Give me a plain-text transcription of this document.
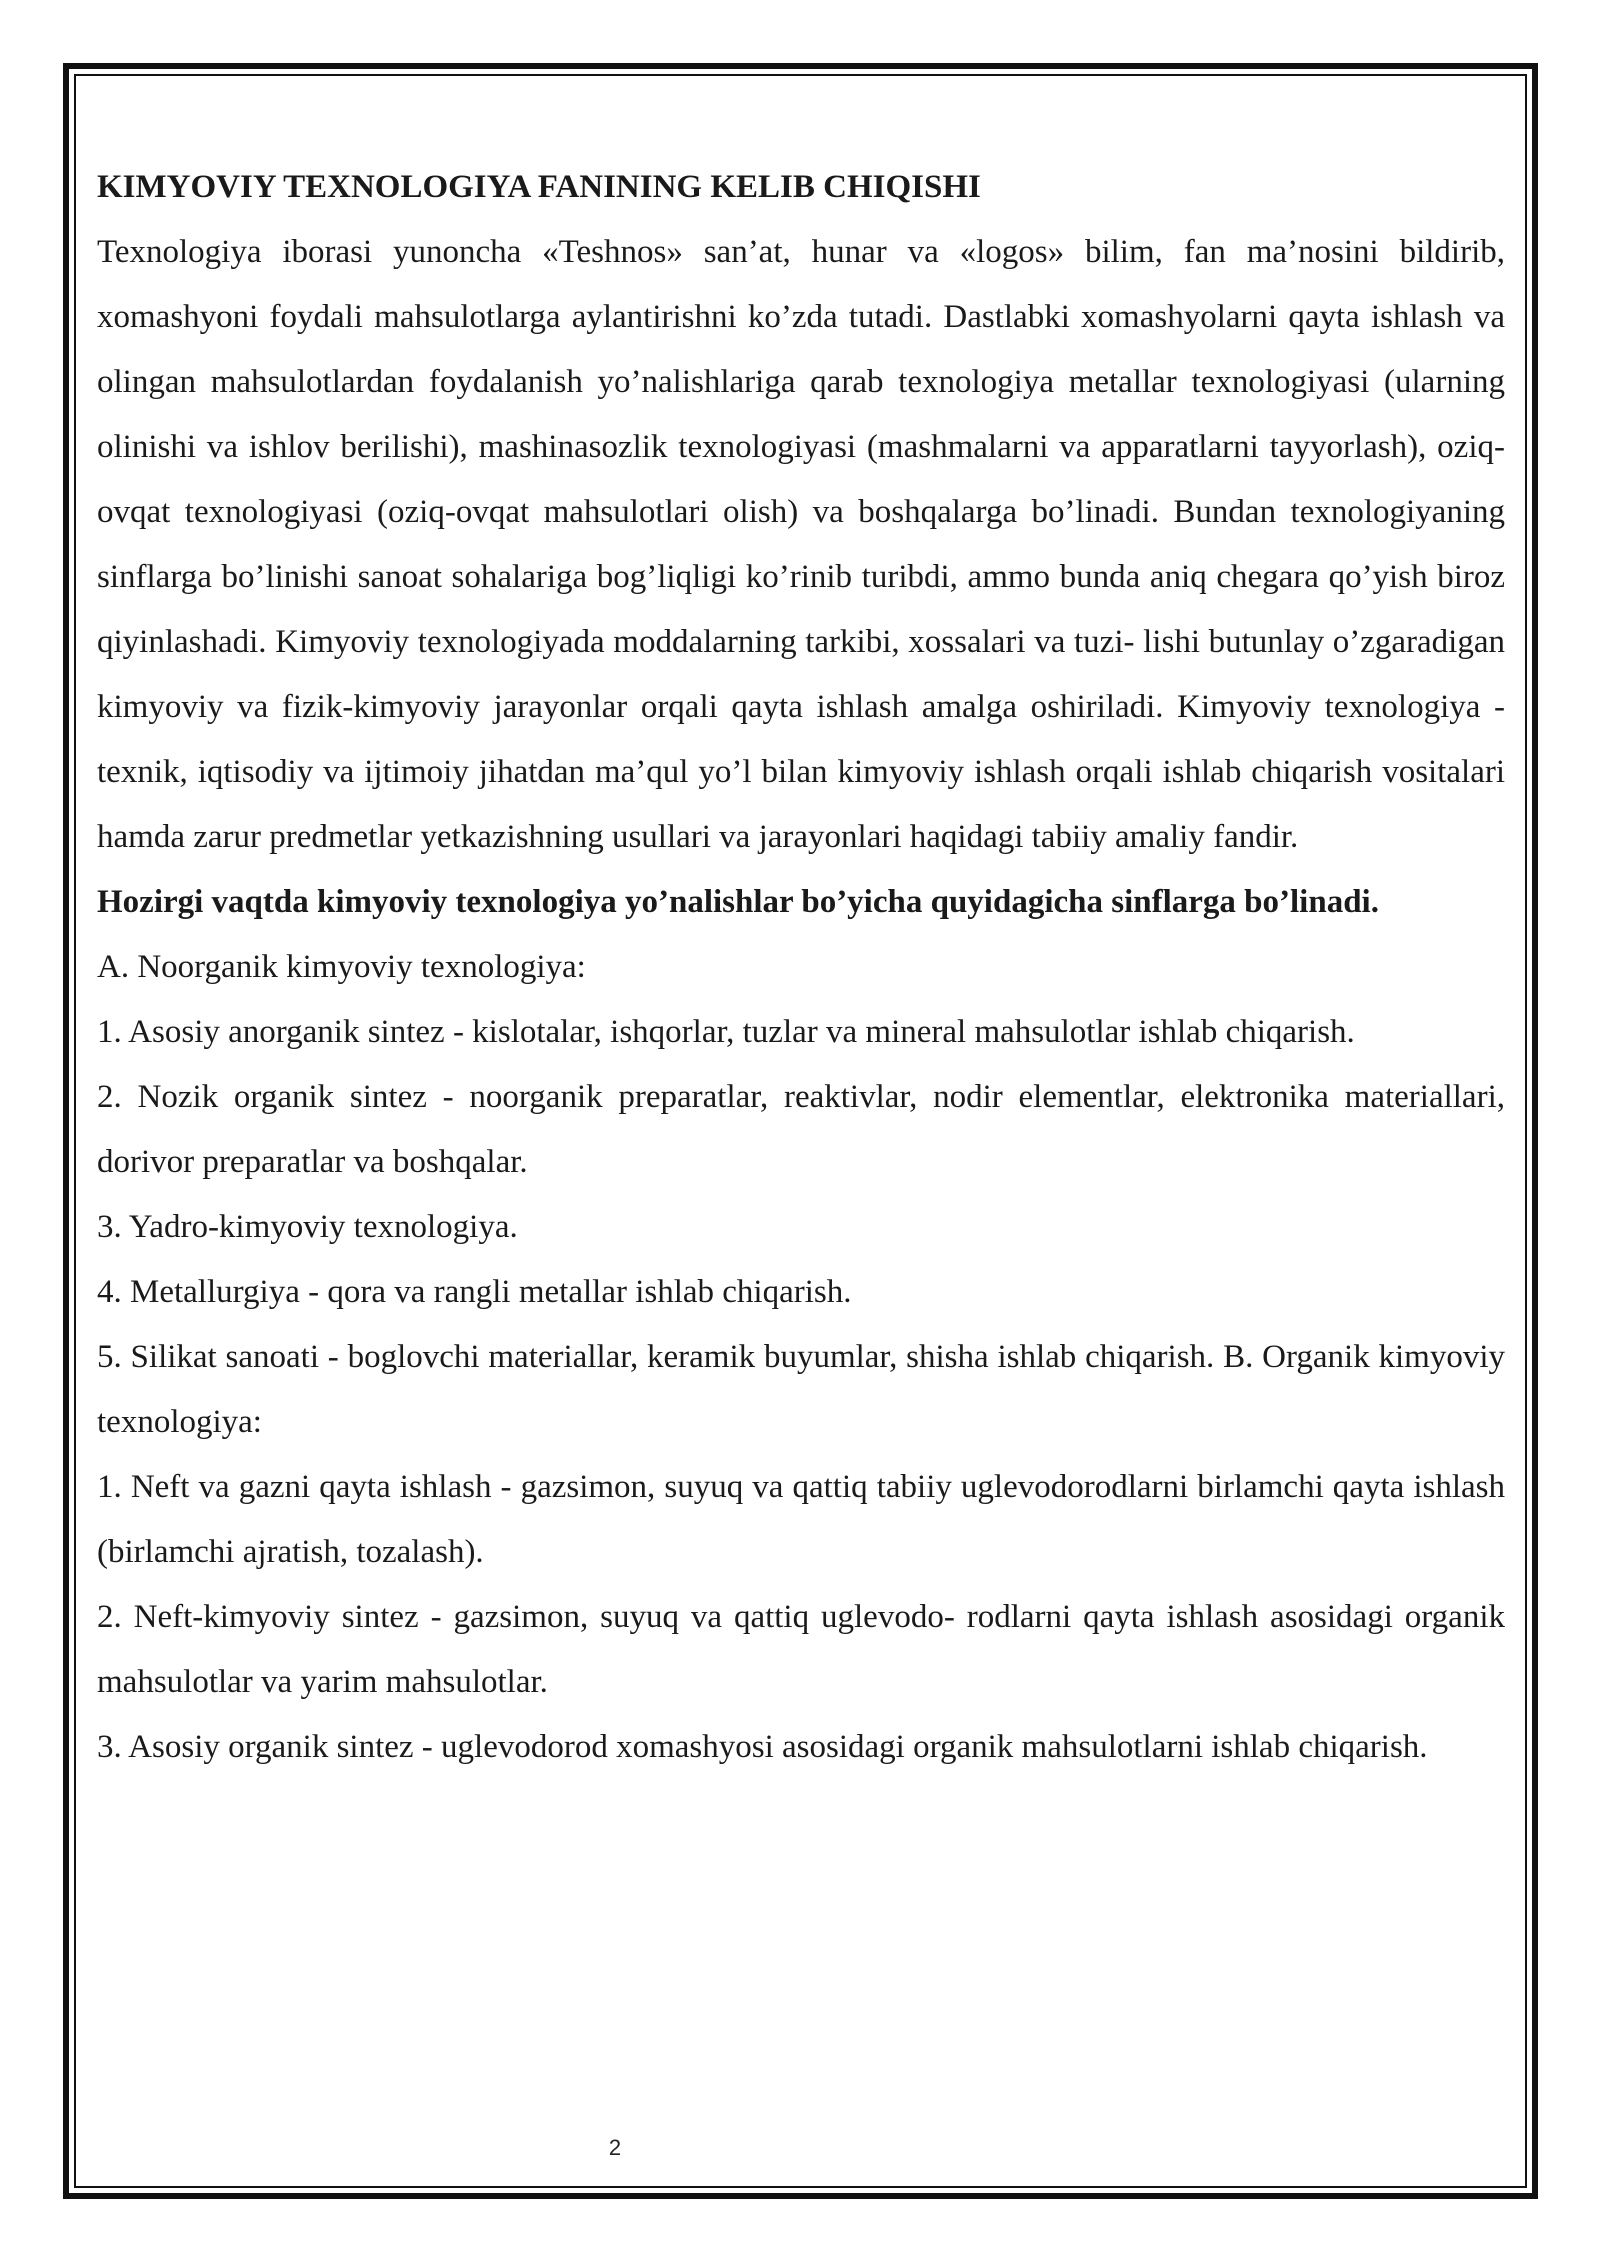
KIMYOVIY TEXNOLOGIYA FANINING KELIB CHIQISHI

Texnologiya iborasi yunoncha «Teshnos» san’at, hunar va «logos» bilim, fan ma’nosini bildirib, xomashyoni foydali mahsulotlarga aylantirishni ko’zda tutadi. Dastlabki xomashyolarni qayta ishlash va olingan mahsulotlardan foydalanish yo’nalishlariga qarab texnologiya metallar texnologiyasi (ularning olinishi va ishlov berilishi), mashinasozlik texnologiyasi (mashmalarni va apparatlarni tayyorlash), oziq-ovqat texnologiyasi (oziq-ovqat mahsulotlari olish) va boshqalarga bo’linadi. Bundan texnologiyaning sinflarga bo’linishi sanoat sohalariga bog’liqligi ko’rinib turibdi, ammo bunda aniq chegara qo’yish biroz qiyinlashadi. Kimyoviy texnologiyada moddalarning tarkibi, xossalari va tuzi- lishi butunlay o’zgaradigan kimyoviy va fizik-kimyoviy jarayonlar orqali qayta ishlash amalga oshiriladi. Kimyoviy texnologiya - texnik, iqtisodiy va ijtimoiy jihatdan ma’qul yo’l bilan kimyoviy ishlash orqali ishlab chiqarish vositalari hamda zarur predmetlar yetkazishning usullari va jarayonlari haqidagi tabiiy amaliy fandir.

Hozirgi vaqtda kimyoviy texnologiya yo’nalishlar bo’yicha quyidagicha sinflarga bo’linadi.

A. Noorganik kimyoviy texnologiya:

1. Asosiy anorganik sintez - kislotalar, ishqorlar, tuzlar va mineral mahsulotlar ishlab chiqarish.

2. Nozik organik sintez - noorganik preparatlar, reaktivlar, nodir elementlar, elektronika materiallari, dorivor preparatlar va boshqalar.

3. Yadro-kimyoviy texnologiya.

4. Metallurgiya - qora va rangli metallar ishlab chiqarish.

5. Silikat sanoati - boglovchi materiallar, keramik buyumlar, shisha ishlab chiqarish. B. Organik kimyoviy texnologiya:

1. Neft va gazni qayta ishlash - gazsimon, suyuq va qattiq tabiiy uglevodorodlarni birlamchi qayta ishlash (birlamchi ajratish, tozalash).

2. Neft-kimyoviy sintez - gazsimon, suyuq va qattiq uglevodo- rodlarni qayta ishlash asosidagi organik mahsulotlar va yarim mahsulotlar.

3. Asosiy organik sintez - uglevodorod xomashyosi asosidagi organik mahsulotlarni ishlab chiqarish.

2
